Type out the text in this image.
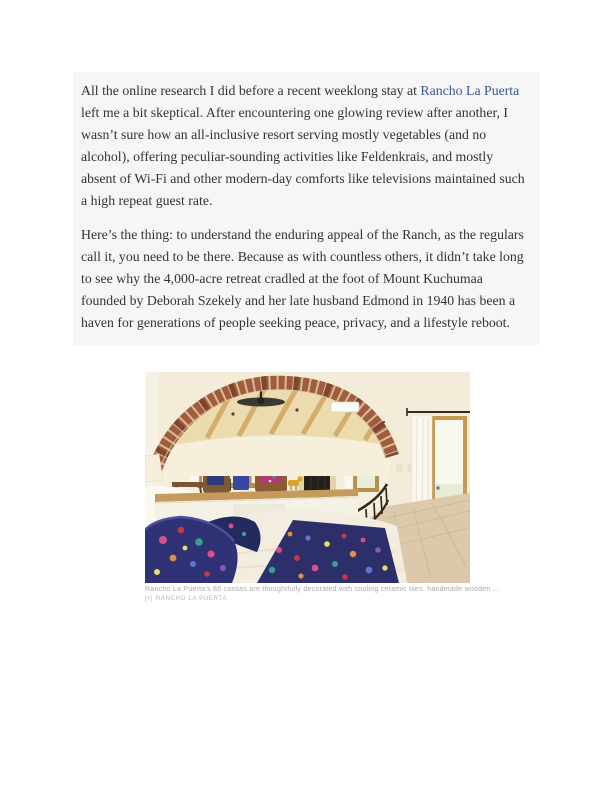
All the online research I did before a recent weeklong stay at Rancho La Puerta left me a bit skeptical. After encountering one glowing review after another, I wasn’t sure how an all-inclusive resort serving mostly vegetables (and no alcohol), offering peculiar-sounding activities like Feldenkrais, and mostly absent of Wi-Fi and other modern-day comforts like televisions maintained such a high repeat guest rate.

Here’s the thing: to understand the enduring appeal of the Ranch, as the regulars call it, you need to be there. Because as with countless others, it didn’t take long to see why the 4,000-acre retreat cradled at the foot of Mount Kuchumaa founded by Deborah Szekely and her late husband Edmond in 1940 has been a haven for generations of people seeking peace, privacy, and a lifestyle reboot.

Rancho La Puerta’s 86 casitas are thoughtfully decorated with cooling ceramic tiles, handmade wooden ...
[+] RANCHO LA PUERTA
